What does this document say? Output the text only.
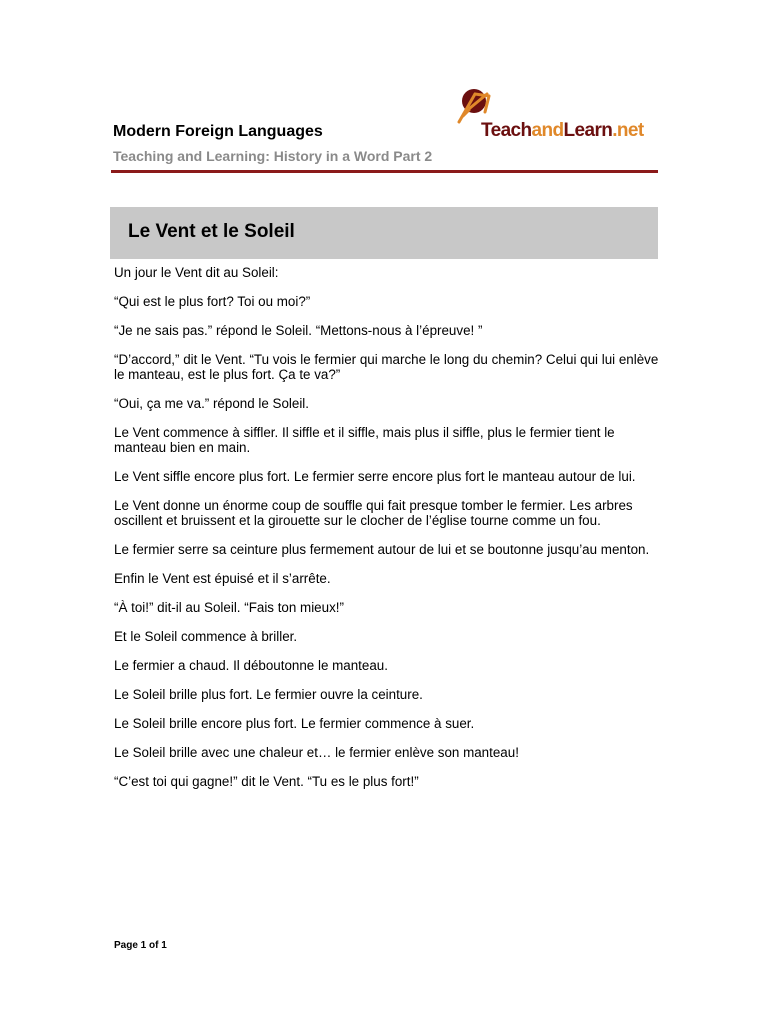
Modern Foreign Languages
Teaching and Learning: History in a Word Part 2
TeachandLearn.net
Le Vent et le Soleil

Un jour le Vent dit au Soleil:

“Qui est le plus fort? Toi ou moi?”

“Je ne sais pas.” répond le Soleil. “Mettons-nous à l’épreuve! ”

“D’accord,” dit le Vent. “Tu vois le fermier qui marche le long du chemin? Celui qui lui enlève le manteau, est le plus fort. Ça te va?”

“Oui, ça me va.” répond le Soleil.

Le Vent commence à siffler. Il siffle et il siffle, mais plus il siffle, plus le fermier tient le manteau bien en main.

Le Vent siffle encore plus fort. Le fermier serre encore plus fort le manteau autour de lui.

Le Vent donne un énorme coup de souffle qui fait presque tomber le fermier. Les arbres oscillent et bruissent et la girouette sur le clocher de l’église tourne comme un fou.

Le fermier serre sa ceinture plus fermement autour de lui et se boutonne jusqu’au menton.

Enfin le Vent est épuisé et il s’arrête.

“À toi!” dit-il au Soleil. “Fais ton mieux!”

Et le Soleil commence à briller.

Le fermier a chaud. Il déboutonne le manteau.

Le Soleil brille plus fort. Le fermier ouvre la ceinture.

Le Soleil brille encore plus fort. Le fermier commence à suer.

Le Soleil brille avec une chaleur et… le fermier enlève son manteau!

“C’est toi qui gagne!” dit le Vent. “Tu es le plus fort!”

Page 1 of 1
